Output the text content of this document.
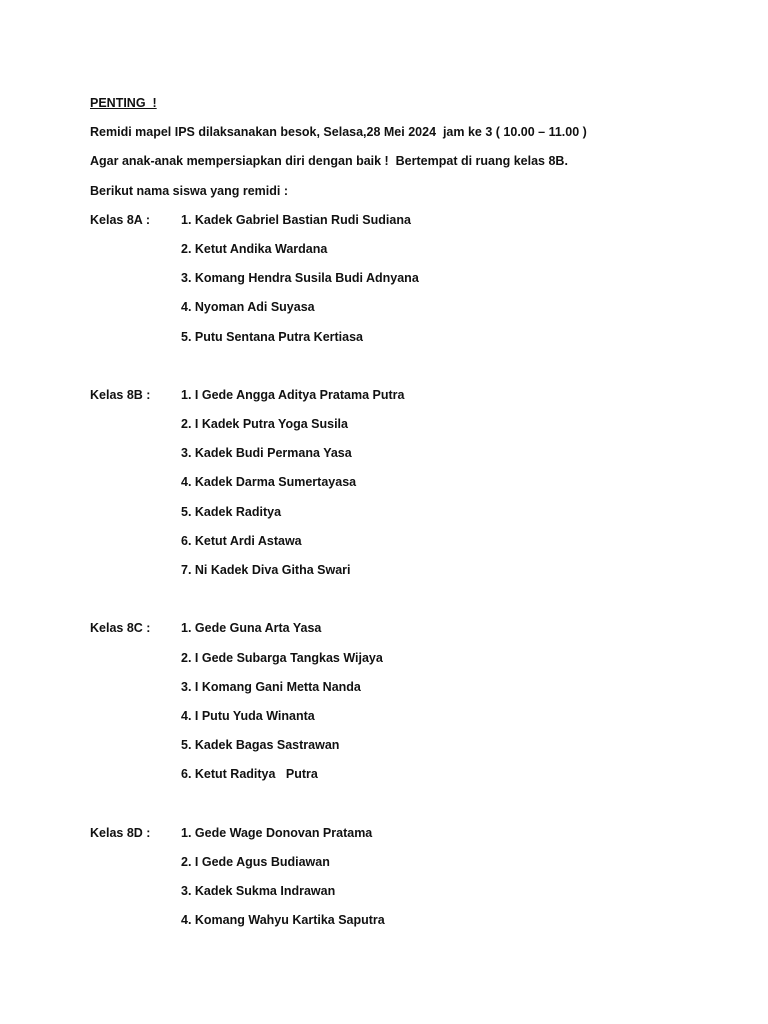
PENTING  !
Remidi mapel IPS dilaksanakan besok, Selasa,28 Mei 2024  jam ke 3 ( 10.00 – 11.00 )
Agar anak-anak mempersiapkan diri dengan baik !  Bertempat di ruang kelas 8B.
Berikut nama siswa yang remidi :
Kelas 8A :	1. Kadek Gabriel Bastian Rudi Sudiana
2. Ketut Andika Wardana
3. Komang Hendra Susila Budi Adnyana
4. Nyoman Adi Suyasa
5. Putu Sentana Putra Kertiasa
Kelas 8B :	1. I Gede Angga Aditya Pratama Putra
2. I Kadek Putra Yoga Susila
3. Kadek Budi Permana Yasa
4. Kadek Darma Sumertayasa
5. Kadek Raditya
6. Ketut Ardi Astawa
7. Ni Kadek Diva Githa Swari
Kelas 8C :	1. Gede Guna Arta Yasa
2. I Gede Subarga Tangkas Wijaya
3. I Komang Gani Metta Nanda
4. I Putu Yuda Winanta
5. Kadek Bagas Sastrawan
6. Ketut Raditya   Putra
Kelas 8D :	1. Gede Wage Donovan Pratama
2. I Gede Agus Budiawan
3. Kadek Sukma Indrawan
4. Komang Wahyu Kartika Saputra
